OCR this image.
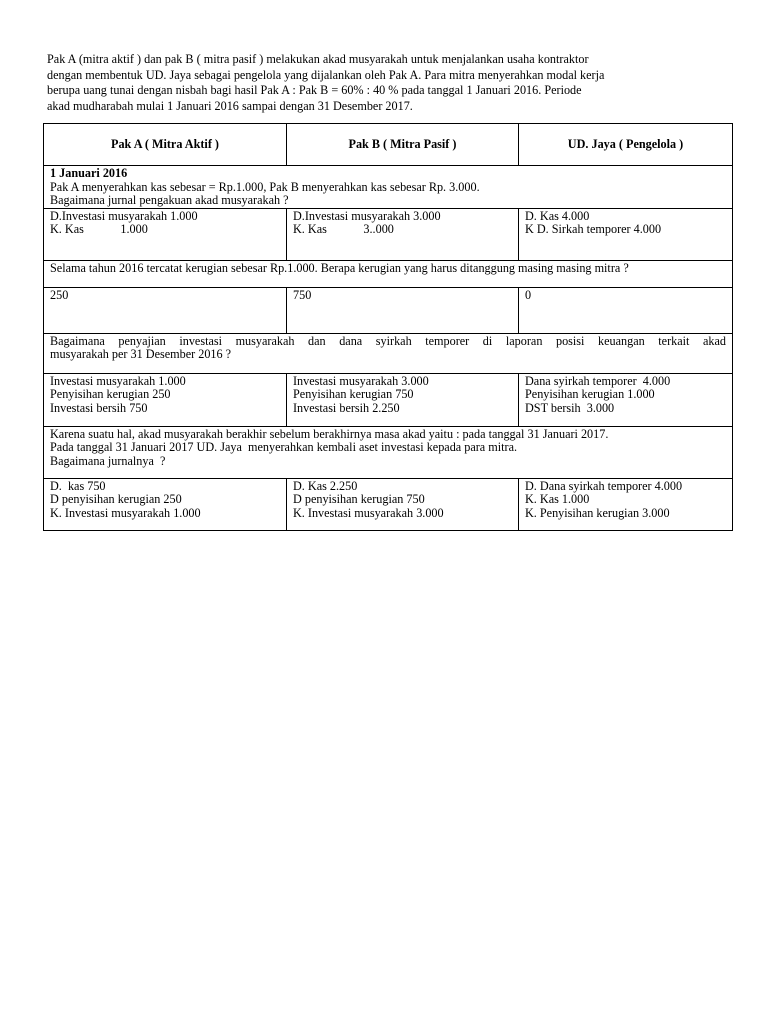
Pak A (mitra aktif ) dan pak B ( mitra pasif ) melakukan akad musyarakah untuk menjalankan usaha kontraktor
dengan membentuk UD. Jaya sebagai pengelola yang dijalankan oleh Pak A. Para mitra menyerahkan modal kerja
berupa uang tunai dengan nisbah bagi hasil Pak A : Pak B = 60% : 40 % pada tanggal 1 Januari 2016. Periode
akad mudharabah mulai 1 Januari 2016 sampai dengan 31 Desember 2017.
Pak A ( Mitra Aktif )	Pak B ( Mitra Pasif )	UD. Jaya ( Pengelola )

1 Januari 2016
Pak A menyerahkan kas sebesar = Rp.1.000, Pak B menyerahkan kas sebesar Rp. 3.000.
Bagaimana jurnal pengakuan akad musyarakah ?		

D.Investasi musyarakah 1.000
K. Kas            1.000	D.Investasi musyarakah 3.000
K. Kas            3..000	D. Kas 4.000
K D. Sirkah temporer 4.000

Selama tahun 2016 tercatat kerugian sebesar Rp.1.000. Berapa kerugian yang harus ditanggung masing masing mitra ?		

250	750	0

Bagaimana penyajian investasi musyarakah dan dana syirkah temporer di laporan posisi keuangan terkait akad
musyarakah per 31 Desember 2016 ?		

Investasi musyarakah 1.000
Penyisihan kerugian 250
Investasi bersih 750	Investasi musyarakah 3.000
Penyisihan kerugian 750
Investasi bersih 2.250	Dana syirkah temporer  4.000
Penyisihan kerugian 1.000
DST bersih  3.000

Karena suatu hal, akad musyarakah berakhir sebelum berakhirnya masa akad yaitu : pada tanggal 31 Januari 2017.
Pada tanggal 31 Januari 2017 UD. Jaya  menyerahkan kembali aset investasi kepada para mitra.
Bagaimana jurnalnya  ?		

D.  kas 750
D penyisihan kerugian 250
K. Investasi musyarakah 1.000	D. Kas 2.250
D penyisihan kerugian 750
K. Investasi musyarakah 3.000	D. Dana syirkah temporer 4.000
K. Kas 1.000
K. Penyisihan kerugian 3.000
